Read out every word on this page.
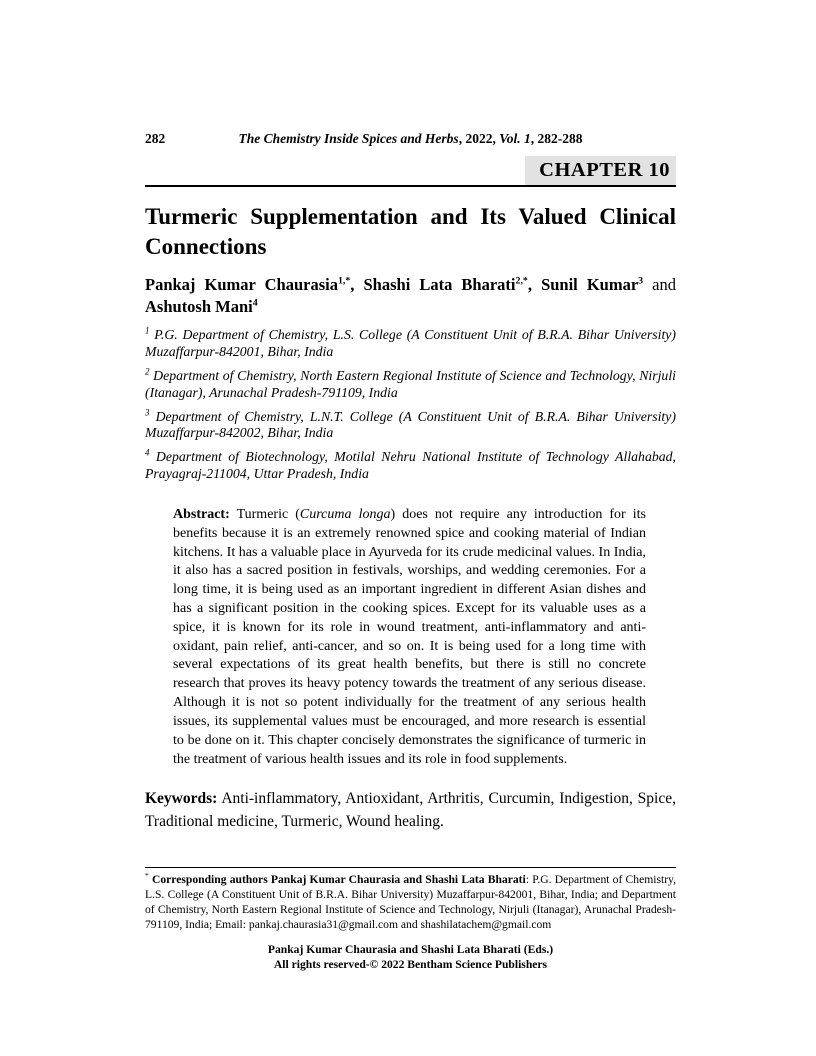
282	The Chemistry Inside Spices and Herbs, 2022, Vol. 1, 282-288
CHAPTER 10
Turmeric Supplementation and Its Valued Clinical Connections

Pankaj Kumar Chaurasia$^{1,*}$, Shashi Lata Bharati$^{2,*}$, Sunil Kumar$^3$ and Ashutosh Mani$^4$

$^1$ P.G. Department of Chemistry, L.S. College (A Constituent Unit of B.R.A. Bihar University) Muzaffarpur-842001, Bihar, India

$^2$ Department of Chemistry, North Eastern Regional Institute of Science and Technology, Nirjuli (Itanagar), Arunachal Pradesh-791109, India

$^3$ Department of Chemistry, L.N.T. College (A Constituent Unit of B.R.A. Bihar University) Muzaffarpur-842002, Bihar, India

$^4$ Department of Biotechnology, Motilal Nehru National Institute of Technology Allahabad, Prayagraj-211004, Uttar Pradesh, India

Abstract: Turmeric (Curcuma longa) does not require any introduction for its benefits because it is an extremely renowned spice and cooking material of Indian kitchens. It has a valuable place in Ayurveda for its crude medicinal values. In India, it also has a sacred position in festivals, worships, and wedding ceremonies. For a long time, it is being used as an important ingredient in different Asian dishes and has a significant position in the cooking spices. Except for its valuable uses as a spice, it is known for its role in wound treatment, anti-inflammatory and anti-oxidant, pain relief, anti-cancer, and so on. It is being used for a long time with several expectations of its great health benefits, but there is still no concrete research that proves its heavy potency towards the treatment of any serious disease. Although it is not so potent individually for the treatment of any serious health issues, its supplemental values must be encouraged, and more research is essential to be done on it. This chapter concisely demonstrates the significance of turmeric in the treatment of various health issues and its role in food supplements.

Keywords: Anti-inflammatory, Antioxidant, Arthritis, Curcumin, Indigestion, Spice, Traditional medicine, Turmeric, Wound healing.

* Corresponding authors Pankaj Kumar Chaurasia and Shashi Lata Bharati: P.G. Department of Chemistry, L.S. College (A Constituent Unit of B.R.A. Bihar University) Muzaffarpur-842001, Bihar, India; and Department of Chemistry, North Eastern Regional Institute of Science and Technology, Nirjuli (Itanagar), Arunachal Pradesh-791109, India; Email: pankaj.chaurasia31@gmail.com and shashilatachem@gmail.com
Pankaj Kumar Chaurasia and Shashi Lata Bharati (Eds.)
All rights reserved-© 2022 Bentham Science Publishers
